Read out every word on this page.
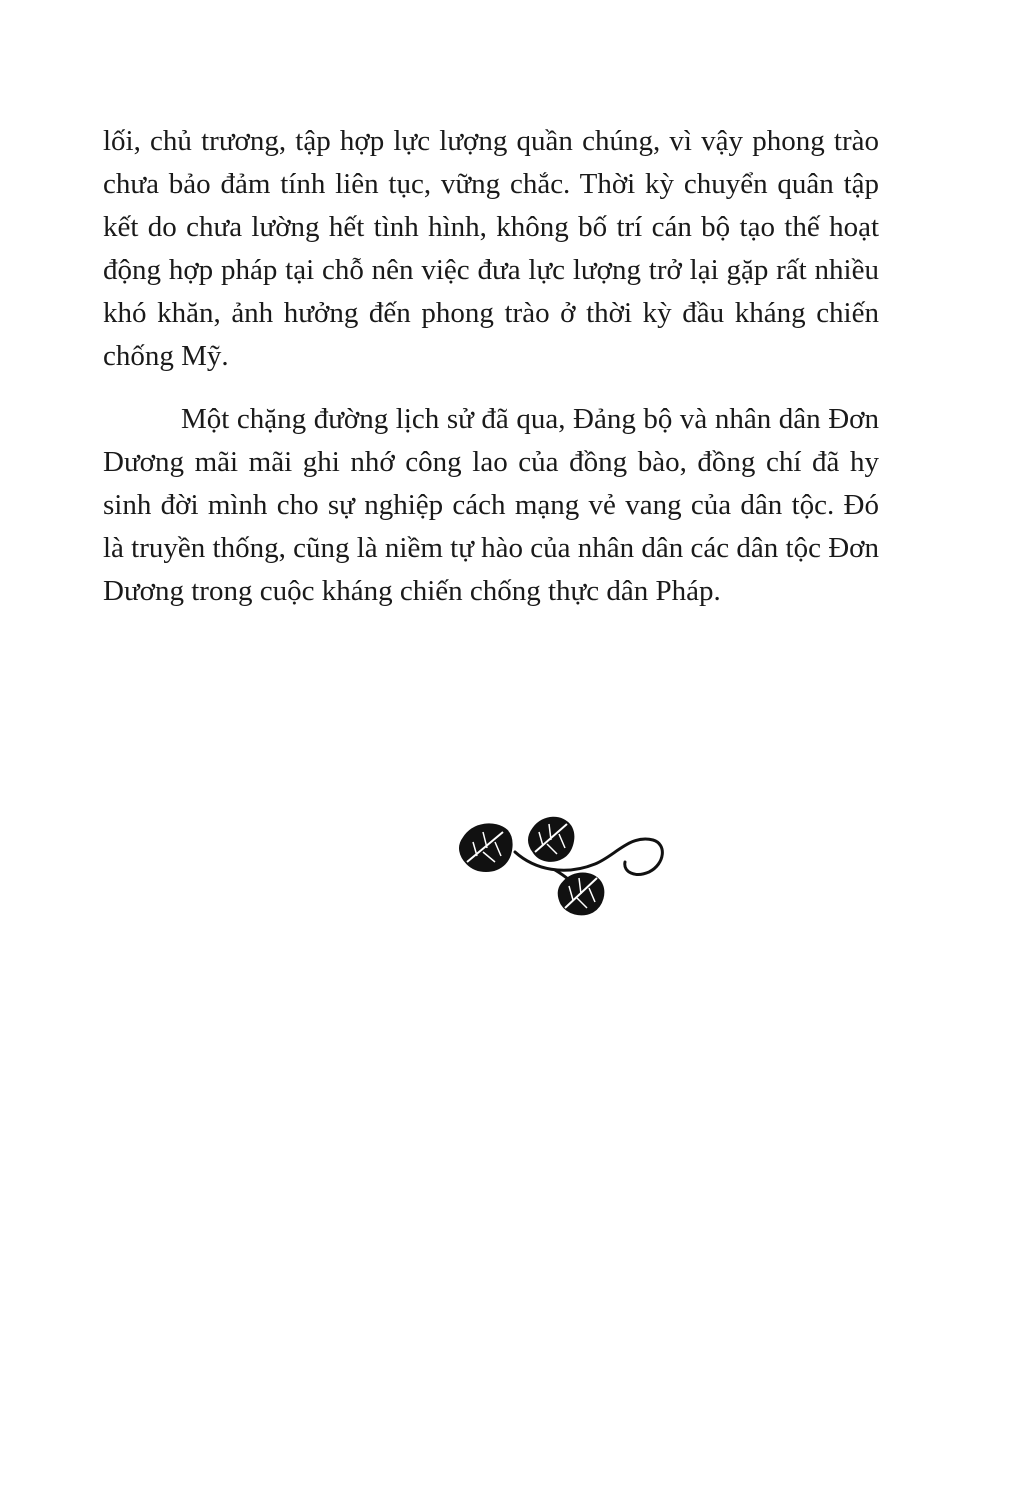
lối, chủ trương, tập hợp lực lượng quần chúng, vì vậy phong trào chưa bảo đảm tính liên tục, vững chắc. Thời kỳ chuyển quân tập kết do chưa lường hết tình hình, không bố trí cán bộ tạo thế hoạt động hợp pháp tại chỗ nên việc đưa lực lượng trở lại gặp rất nhiều khó khăn, ảnh hưởng đến phong trào ở thời kỳ đầu kháng chiến chống Mỹ.

Một chặng đường lịch sử đã qua, Đảng bộ và nhân dân Đơn Dương mãi mãi ghi nhớ công lao của đồng bào, đồng chí đã hy sinh đời mình cho sự nghiệp cách mạng vẻ vang của dân tộc. Đó là truyền thống, cũng là niềm tự hào của nhân dân các dân tộc Đơn Dương trong cuộc kháng chiến chống thực dân Pháp.
